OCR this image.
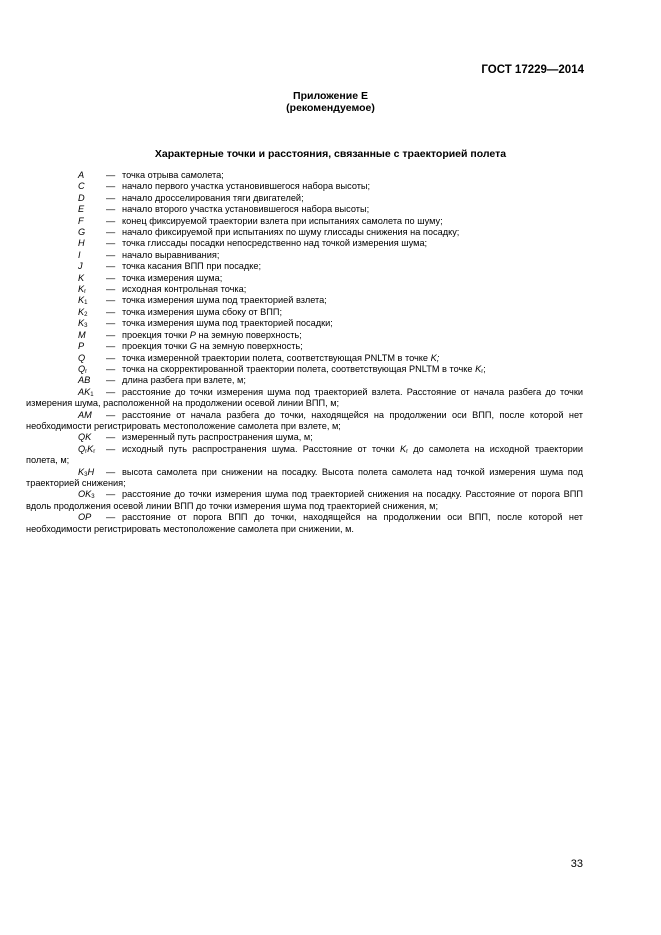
ГОСТ 17229—2014
Приложение Е
(рекомендуемое)
Характерные точки и расстояния, связанные с траекторией полета
A — точка отрыва самолета;
C — начало первого участка установившегося набора высоты;
D — начало дросселирования тяги двигателей;
E — начало второго участка установившегося набора высоты;
F — конец фиксируемой траектории взлета при испытаниях самолета по шуму;
G — начало фиксируемой при испытаниях по шуму глиссады снижения на посадку;
H — точка глиссады посадки непосредственно над точкой измерения шума;
I	— начало выравнивания;
J	— точка касания ВПП при посадке;
K — точка измерения шума;
$K_r$ — исходная контрольная точка;
$K_1$ — точка измерения шума под траекторией взлета;
$K_2$ — точка измерения шума сбоку от ВПП;
$K_3$ — точка измерения шума под траекторией посадки;
M — проекция точки P на земную поверхность;
P — проекция точки G на земную поверхность;
Q — точка измеренной траектории полета, соответствующая PNLTM в точке K;
$Q_r$ — точка на скорректированной траектории полета, соответствующая PNLTM в точке $K_r$;
AB — длина разбега при взлете, м;
$AK_1$ — расстояние до точки измерения шума под траекторией взлета. Расстояние от начала разбега до точки измерения шума, расположенной на продолжении осевой линии ВПП, м;
AM — расстояние от начала разбега до точки, находящейся на продолжении оси ВПП, после которой нет необходимости регистрировать местоположение самолета при взлете, м;
QK — измеренный путь распространения шума, м;
$Q_rK_r$ — исходный путь распространения шума. Расстояние от точки $K_r$ до самолета на исходной траектории полета, м;
$K_3H$ — высота самолета при снижении на посадку. Высота полета самолета над точкой измерения шума под траекторией снижения;
$OK_3$ — расстояние до точки измерения шума под траекторией снижения на посадку. Расстояние от порога ВПП вдоль продолжения осевой линии ВПП до точки измерения шума под траекторией снижения, м;
OP — расстояние от порога ВПП до точки, находящейся на продолжении оси ВПП, после которой нет необходимости регистрировать местоположение самолета при снижении, м.
33
